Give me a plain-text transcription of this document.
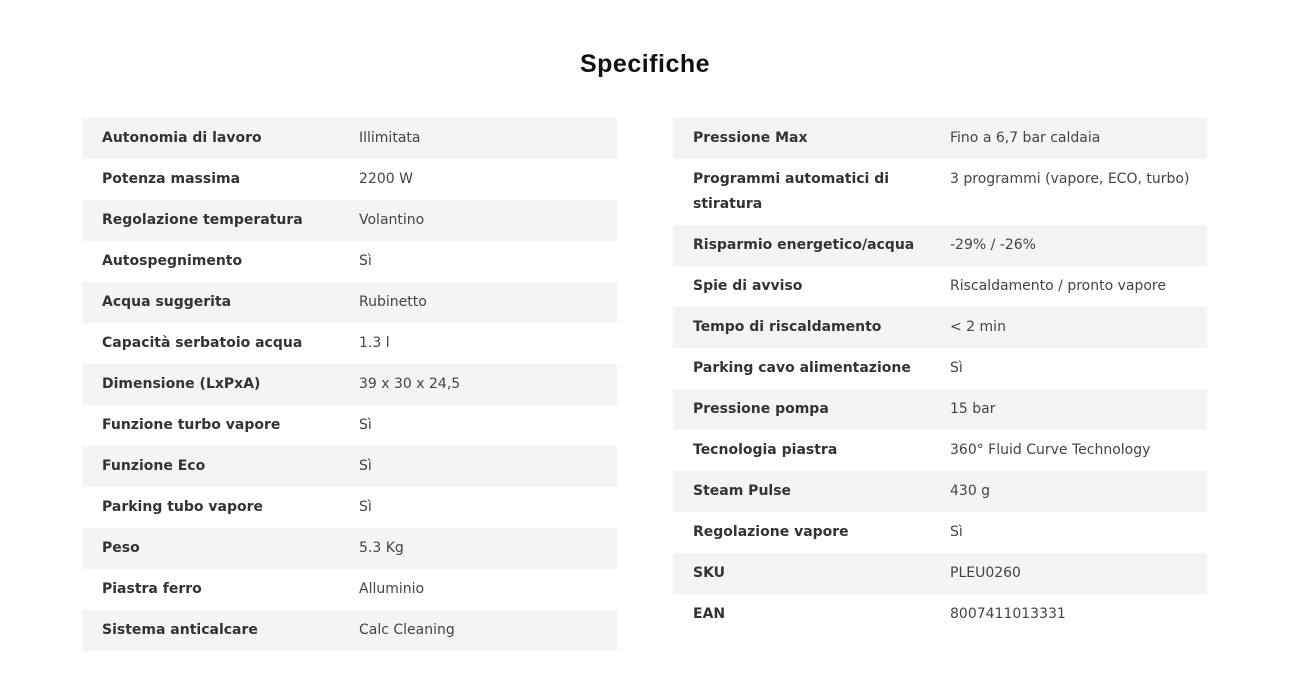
Specifiche
Autonomia di lavoro	Illimitata
Potenza massima	2200 W
Regolazione temperatura	Volantino
Autospegnimento	Sì
Acqua suggerita	Rubinetto
Capacità serbatoio acqua	1.3 l
Dimensione (LxPxA)	39 x 30 x 24,5
Funzione turbo vapore	Sì
Funzione Eco	Sì
Parking tubo vapore	Sì
Peso	5.3 Kg
Piastra ferro	Alluminio
Sistema anticalcare	Calc Cleaning
Pressione Max	Fino a 6,7 bar caldaia
Programmi automatici di stiratura	3 programmi (vapore, ECO, turbo)
Risparmio energetico/acqua	-29% / -26%
Spie di avviso	Riscaldamento / pronto vapore
Tempo di riscaldamento	< 2 min
Parking cavo alimentazione	Sì
Pressione pompa	15 bar
Tecnologia piastra	360° Fluid Curve Technology
Steam Pulse	430 g
Regolazione vapore	Sì
SKU	PLEU0260
EAN	8007411013331
